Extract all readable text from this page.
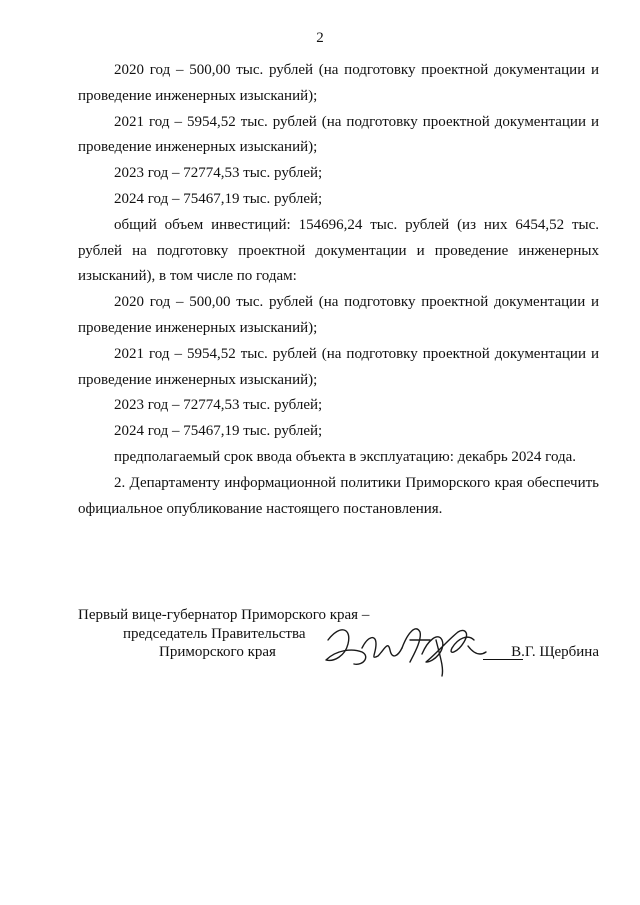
2

2020 год – 500,00 тыс. рублей (на подготовку проектной документации и проведение инженерных изысканий);

2021 год – 5954,52 тыс. рублей (на подготовку проектной документации и проведение инженерных изысканий);

2023 год – 72774,53 тыс. рублей;

2024 год – 75467,19 тыс. рублей;

общий объем инвестиций: 154696,24 тыс. рублей (из них 6454,52 тыс. рублей на подготовку проектной документации и проведение инженерных изысканий), в том числе по годам:

2020 год – 500,00 тыс. рублей (на подготовку проектной документации и проведение инженерных изысканий);

2021 год – 5954,52 тыс. рублей (на подготовку проектной документации и проведение инженерных изысканий);

2023 год – 72774,53 тыс. рублей;

2024 год – 75467,19 тыс. рублей;

предполагаемый срок ввода объекта в эксплуатацию: декабрь 2024 года.

2. Департаменту информационной политики Приморского края обеспечить официальное опубликование настоящего постановления.

Первый вице-губернатор Приморского края –
председатель Правительства
Приморского края	В.Г. Щербина
